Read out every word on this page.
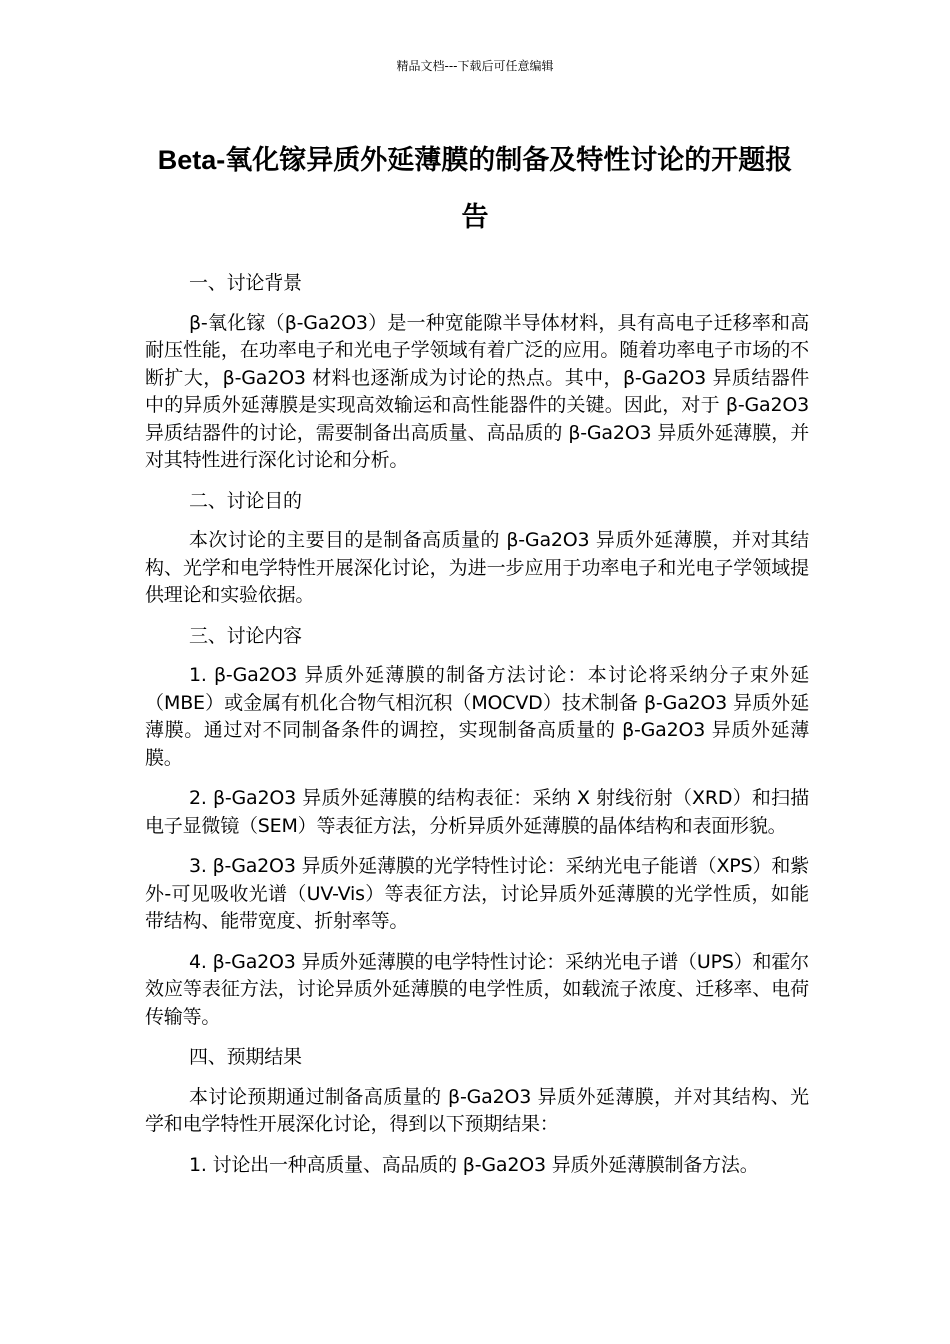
精品文档---下载后可任意编辑
Beta-氧化镓异质外延薄膜的制备及特性讨论的开题报告

一、讨论背景

β-氧化镓（β-Ga2O3）是一种宽能隙半导体材料，具有高电子迁移率和高耐压性能，在功率电子和光电子学领域有着广泛的应用。随着功率电子市场的不断扩大，β-Ga2O3 材料也逐渐成为讨论的热点。其中，β-Ga2O3 异质结器件中的异质外延薄膜是实现高效输运和高性能器件的关键。因此，对于 β-Ga2O3 异质结器件的讨论，需要制备出高质量、高品质的 β-Ga2O3 异质外延薄膜，并对其特性进行深化讨论和分析。

二、讨论目的

本次讨论的主要目的是制备高质量的 β-Ga2O3 异质外延薄膜，并对其结构、光学和电学特性开展深化讨论，为进一步应用于功率电子和光电子学领域提供理论和实验依据。

三、讨论内容

1. β-Ga2O3 异质外延薄膜的制备方法讨论：本讨论将采纳分子束外延（MBE）或金属有机化合物气相沉积（MOCVD）技术制备 β-Ga2O3 异质外延薄膜。通过对不同制备条件的调控，实现制备高质量的 β-Ga2O3 异质外延薄膜。

2. β-Ga2O3 异质外延薄膜的结构表征：采纳 X 射线衍射（XRD）和扫描电子显微镜（SEM）等表征方法，分析异质外延薄膜的晶体结构和表面形貌。

3. β-Ga2O3 异质外延薄膜的光学特性讨论：采纳光电子能谱（XPS）和紫外-可见吸收光谱（UV-Vis）等表征方法，讨论异质外延薄膜的光学性质，如能带结构、能带宽度、折射率等。

4. β-Ga2O3 异质外延薄膜的电学特性讨论：采纳光电子谱（UPS）和霍尔效应等表征方法，讨论异质外延薄膜的电学性质，如载流子浓度、迁移率、电荷传输等。

四、预期结果

本讨论预期通过制备高质量的 β-Ga2O3 异质外延薄膜，并对其结构、光学和电学特性开展深化讨论，得到以下预期结果：

1. 讨论出一种高质量、高品质的 β-Ga2O3 异质外延薄膜制备方法。
